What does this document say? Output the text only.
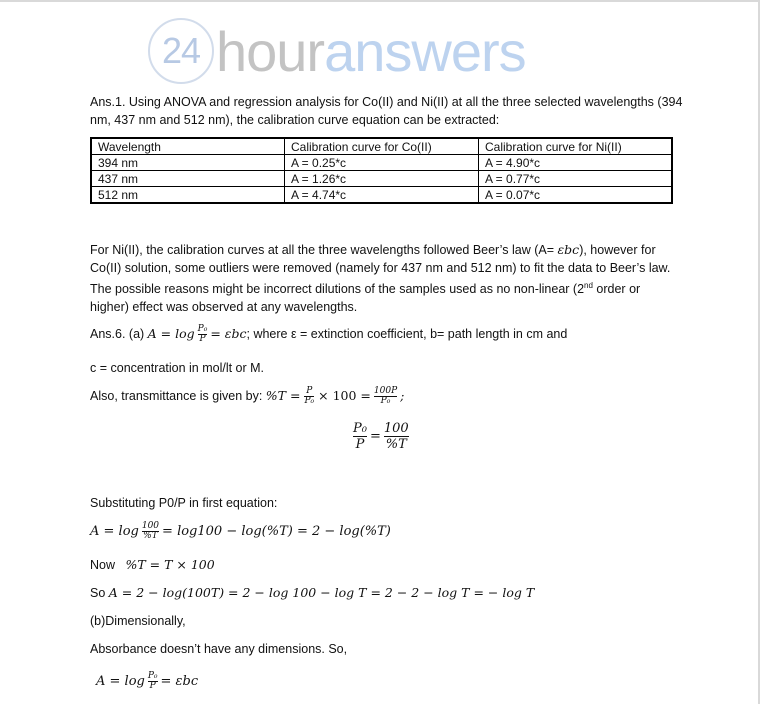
24 hour answers

Ans.1. Using ANOVA and regression analysis for Co(II) and Ni(II) at all the three selected wavelengths (394 nm, 437 nm and 512 nm), the calibration curve equation can be extracted:

Wavelength	Calibration curve for Co(II)	Calibration curve for Ni(II)
394 nm	A = 0.25*c	A = 4.90*c
437 nm	A = 1.26*c	A = 0.77*c
512 nm	A = 4.74*c	A = 0.07*c

For Ni(II), the calibration curves at all the three wavelengths followed Beer’s law (A= εbc), however for Co(II) solution, some outliers were removed (namely for 437 nm and 512 nm) to fit the data to Beer’s law. The possible reasons might be incorrect dilutions of the samples used as no non-linear (2nd order or higher) effect was observed at any wavelengths.

Ans.6. (a) $A = \log \frac{\text{P₀}}{P} = \varepsilon bc$; where ε = extinction coefficient, b= path length in cm and

c = concentration in mol/lt or M.

Also, transmittance is given by: $\%T = \frac{P}{\text{P₀}} \times 100 = \frac{100P}{\text{P₀}}$ ;

$\frac{\text{P₀}}{P} = \frac{100}{\%T}$

Substituting P0/P in first equation:

$A = \log \frac{100}{\%T} = \log 100 - \log(\%T) = 2 - \log(\%T)$

Now %T = T × 100

So A = 2 − log(100T) = 2 − log 100 − log T = 2 − 2 − log T = − log T

(b)Dimensionally,

Absorbance doesn’t have any dimensions. So,

$A = \log \frac{\text{P₀}}{P} = \varepsilon bc$
